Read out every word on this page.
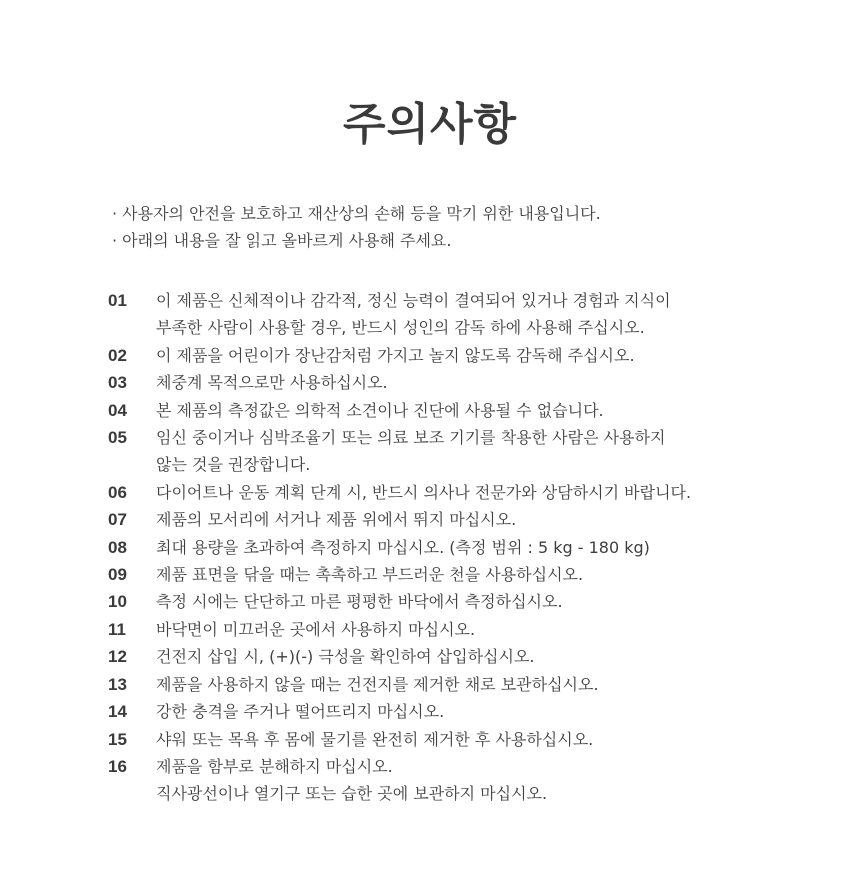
주의사항
· 사용자의 안전을 보호하고 재산상의 손해 등을 막기 위한 내용입니다.
· 아래의 내용을 잘 읽고 올바르게 사용해 주세요.
01	이 제품은 신체적이나 감각적, 정신 능력이 결여되어 있거나 경험과 지식이
부족한 사람이 사용할 경우, 반드시 성인의 감독 하에 사용해 주십시오.
02	이 제품을 어린이가 장난감처럼 가지고 놀지 않도록 감독해 주십시오.
03	체중계 목적으로만 사용하십시오.
04	본 제품의 측정값은 의학적 소견이나 진단에 사용될 수 없습니다.
05	임신 중이거나 심박조율기 또는 의료 보조 기기를 착용한 사람은 사용하지
않는 것을 권장합니다.
06	다이어트나 운동 계획 단계 시, 반드시 의사나 전문가와 상담하시기 바랍니다.
07	제품의 모서리에 서거나 제품 위에서 뛰지 마십시오.
08	최대 용량을 초과하여 측정하지 마십시오. (측정 범위 : 5 kg - 180 kg)
09	제품 표면을 닦을 때는 촉촉하고 부드러운 천을 사용하십시오.
10	측정 시에는 단단하고 마른 평평한 바닥에서 측정하십시오.
11	바닥면이 미끄러운 곳에서 사용하지 마십시오.
12	건전지 삽입 시, (+)(-) 극성을 확인하여 삽입하십시오.
13	제품을 사용하지 않을 때는 건전지를 제거한 채로 보관하십시오.
14	강한 충격을 주거나 떨어뜨리지 마십시오.
15	샤워 또는 목욕 후 몸에 물기를 완전히 제거한 후 사용하십시오.
16	제품을 함부로 분해하지 마십시오.
직사광선이나 열기구 또는 습한 곳에 보관하지 마십시오.
